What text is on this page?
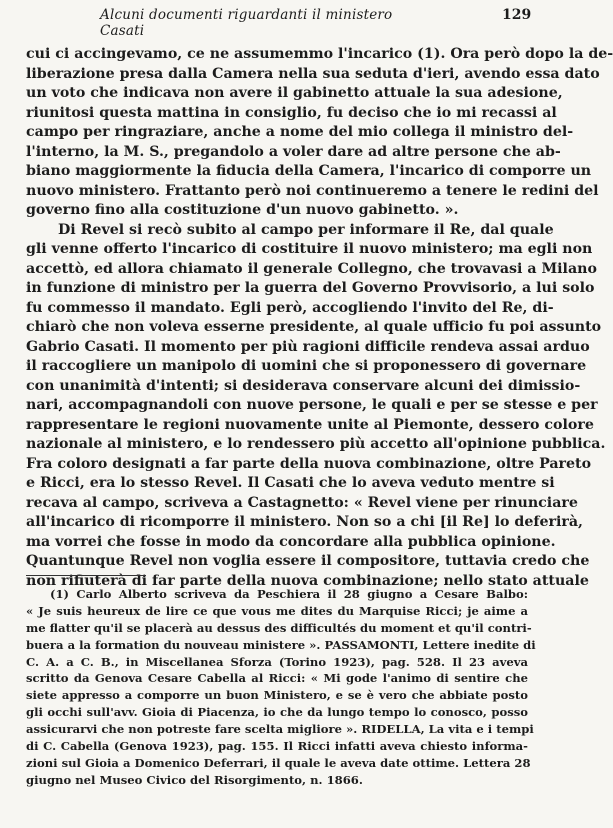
Alcuni documenti riguardanti il ministero Casati
129
cui ci accingevamo, ce ne assumemmo l'incarico (1). Ora però dopo la de-
liberazione presa dalla Camera nella sua seduta d'ieri, avendo essa dato
un voto che indicava non avere il gabinetto attuale la sua adesione,
riunitosi questa mattina in consiglio, fu deciso che io mi recassi al
campo per ringraziare, anche a nome del mio collega il ministro del-
l'interno, la M. S., pregandolo a voler dare ad altre persone che ab-
biano maggiormente la fiducia della Camera, l'incarico di comporre un
nuovo ministero. Frattanto però noi continueremo a tenere le redini del
governo fino alla costituzione d'un nuovo gabinetto. ».
Di Revel si recò subito al campo per informare il Re, dal quale
gli venne offerto l'incarico di costituire il nuovo ministero; ma egli non
accettò, ed allora chiamato il generale Collegno, che trovavasi a Milano
in funzione di ministro per la guerra del Governo Provvisorio, a lui solo
fu commesso il mandato. Egli però, accogliendo l'invito del Re, di-
chiarò che non voleva esserne presidente, al quale ufficio fu poi assunto
Gabrio Casati. Il momento per più ragioni difficile rendeva assai arduo
il raccogliere un manipolo di uomini che si proponessero di governare
con unanimità d'intenti; si desiderava conservare alcuni dei dimissio-
nari, accompagnandoli con nuove persone, le quali e per se stesse e per
rappresentare le regioni nuovamente unite al Piemonte, dessero colore
nazionale al ministero, e lo rendessero più accetto all'opinione pubblica.
Fra coloro designati a far parte della nuova combinazione, oltre Pareto
e Ricci, era lo stesso Revel. Il Casati che lo aveva veduto mentre si
recava al campo, scriveva a Castagnetto: « Revel viene per rinunciare
all'incarico di ricomporre il ministero. Non so a chi [il Re] lo deferirà,
ma vorrei che fosse in modo da concordare alla pubblica opinione.
Quantunque Revel non voglia essere il compositore, tuttavia credo che
non rifiuterà di far parte della nuova combinazione; nello stato attuale
(1) Carlo Alberto scriveva da Peschiera il 28 giugno a Cesare Balbo:
« Je suis heureux de lire ce que vous me dites du Marquise Ricci; je aime a
me flatter qu'il se placerà au dessus des difficultés du moment et qu'il contri-
buera a la formation du nouveau ministere ». PASSAMONTI, Lettere inedite di
C. A. a C. B., in Miscellanea Sforza (Torino 1923), pag. 528. Il 23 aveva
scritto da Genova Cesare Cabella al Ricci: « Mi gode l'animo di sentire che
siete appresso a comporre un buon Ministero, e se è vero che abbiate posto
gli occhi sull'avv. Gioia di Piacenza, io che da lungo tempo lo conosco, posso
assicurarvi che non potreste fare scelta migliore ». RIDELLA, La vita e i tempi
di C. Cabella (Genova 1923), pag. 155. Il Ricci infatti aveva chiesto informa-
zioni sul Gioia a Domenico Deferrari, il quale le aveva date ottime. Lettera 28
giugno nel Museo Civico del Risorgimento, n. 1866.
